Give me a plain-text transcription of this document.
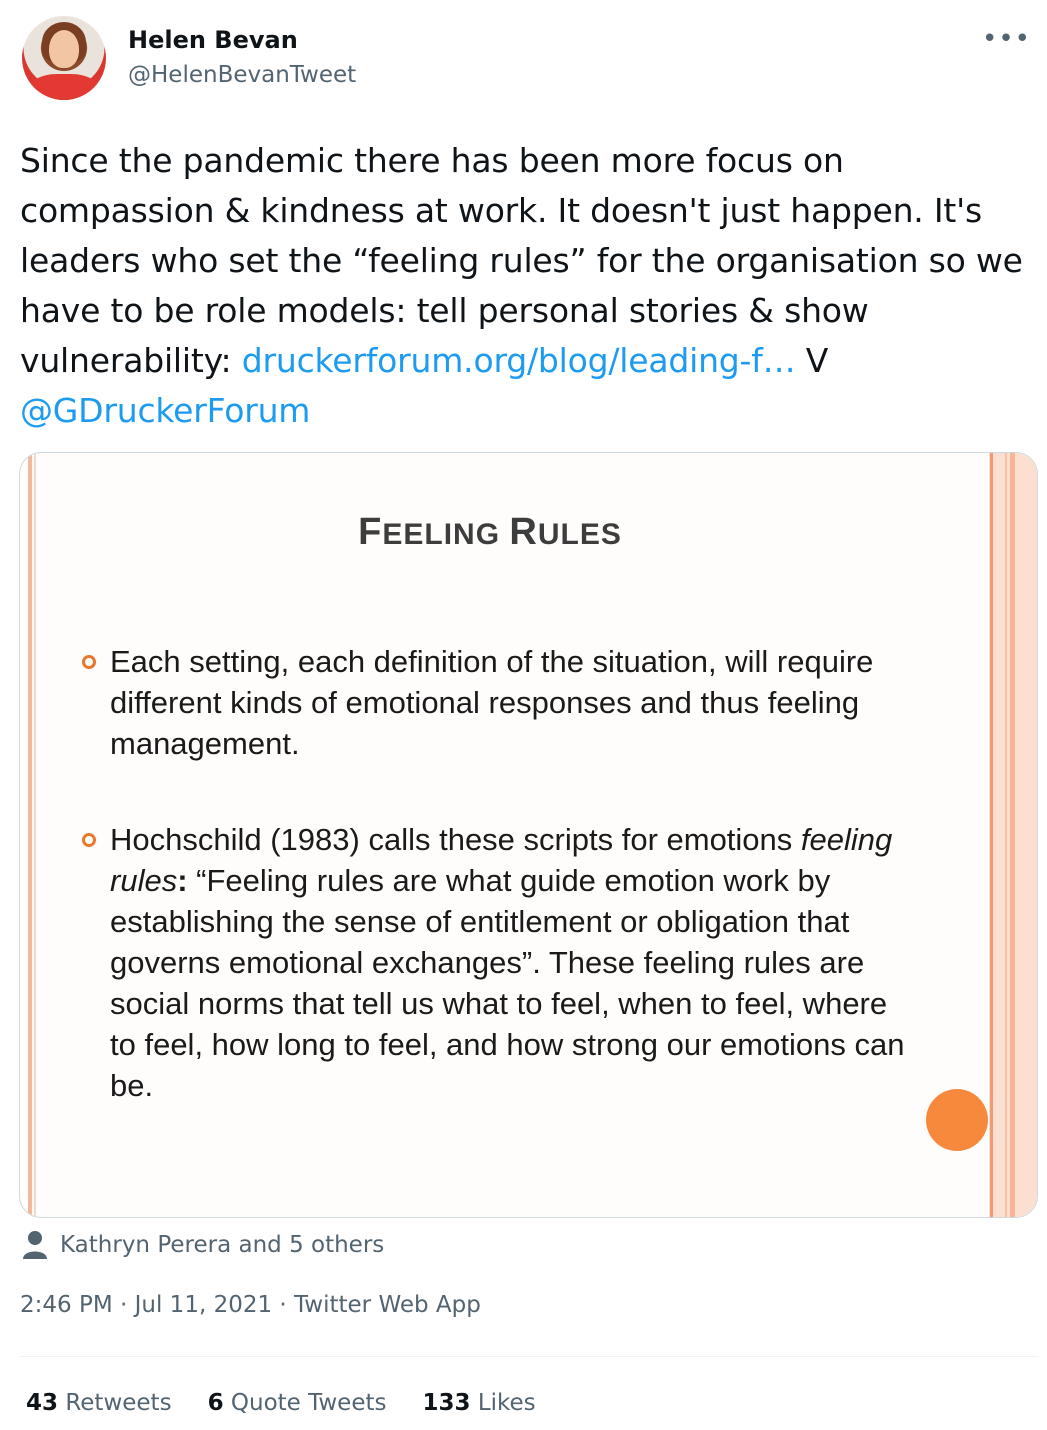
Helen Bevan
@HelenBevanTweet
•••
Since the pandemic there has been more focus on compassion & kindness at work. It doesn't just happen. It's leaders who set the “feeling rules” for the organisation so we have to be role models: tell personal stories & show vulnerability: druckerforum.org/blog/leading-f… V @GDruckerForum
FEELING RULES
Each setting, each definition of the situation, will require different kinds of emotional responses and thus feeling management.
Hochschild (1983) calls these scripts for emotions feeling rules: “Feeling rules are what guide emotion work by establishing the sense of entitlement or obligation that governs emotional exchanges”. These feeling rules are social norms that tell us what to feel, when to feel, where to feel, how long to feel, and how strong our emotions can be.
Kathryn Perera and 5 others
2:46 PM · Jul 11, 2021 · Twitter Web App
43 Retweets 6 Quote Tweets 133 Likes
